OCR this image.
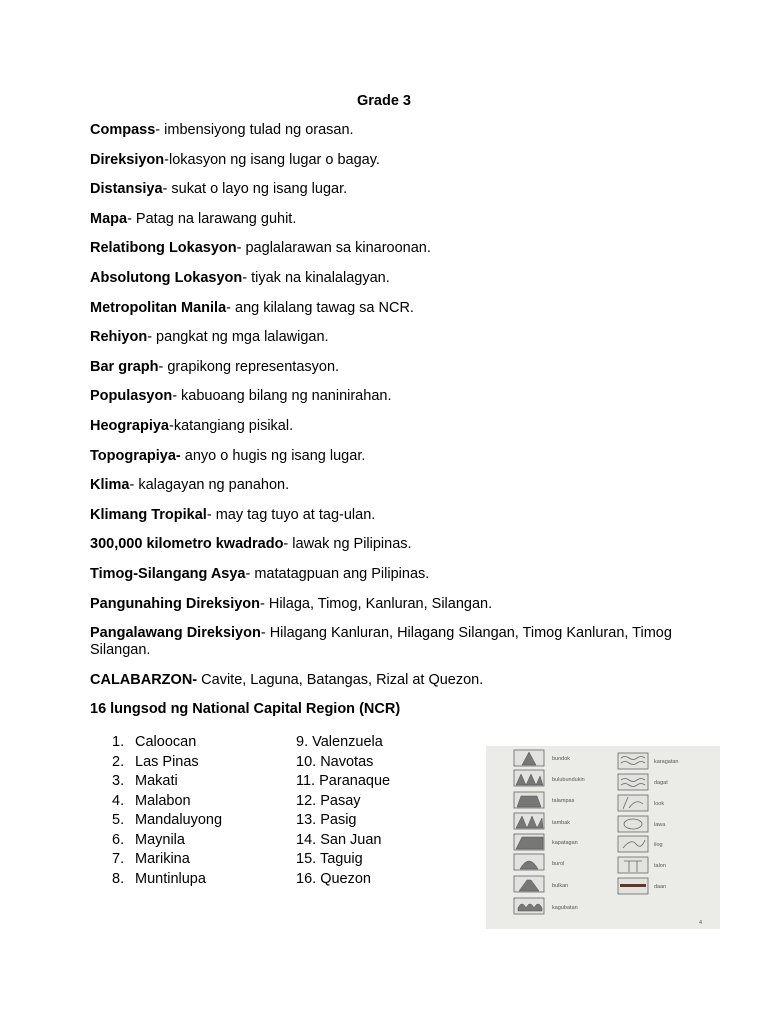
Grade 3
Compass- imbensiyong tulad ng orasan.
Direksiyon-lokasyon ng isang lugar o bagay.
Distansiya- sukat o layo ng isang lugar.
Mapa- Patag na larawang guhit.
Relatibong Lokasyon- paglalarawan sa kinaroonan.
Absolutong Lokasyon- tiyak na kinalalagyan.
Metropolitan Manila- ang kilalang tawag sa NCR.
Rehiyon- pangkat ng mga lalawigan.
Bar graph- grapikong representasyon.
Populasyon- kabuoang bilang ng naninirahan.
Heograpiya-katangiang pisikal.
Topograpiya- anyo o hugis ng isang lugar.
Klima- kalagayan ng panahon.
Klimang Tropikal- may tag tuyo at tag-ulan.
300,000 kilometro kwadrado- lawak ng Pilipinas.
Timog-Silangang Asya- matatagpuan ang Pilipinas.
Pangunahing Direksiyon- Hilaga, Timog, Kanluran, Silangan.
Pangalawang Direksiyon- Hilagang Kanluran, Hilagang Silangan, Timog Kanluran, Timog Silangan.
CALABARZON- Cavite, Laguna, Batangas, Rizal at Quezon.
16 lungsod ng National Capital Region (NCR)
1. Caloocan
2. Las Pinas
3. Makati
4. Malabon
5. Mandaluyong
6. Maynila
7. Marikina
8. Muntinlupa
9. Valenzuela
10. Navotas
11. Paranaque
12. Pasay
13. Pasig
14. San Juan
15. Taguig
16. Quezon
bundok
bulubundukin
talampas
tambak
kapatagan
burol
bulkan
kagubatan
karagatan
dagat
look
lawa
ilog
talon
daan
4
